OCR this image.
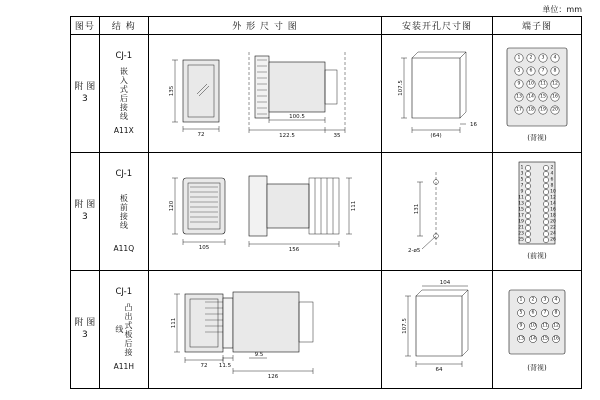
单位：mm
图号	结 构	外 形 尺 寸 图	安装开孔尺寸图	端子图

附 图 3

CJ-1
嵌入式后接线
A11X

135
72
100.5
122.5	35

107.5
16
(64)

1 2 3 4
5 6 7 8
9 10 11 12
13 14 15 16
17 18 19 20
(背视)

附 图 3

CJ-1
板前接线
A11Q

120
105	156
111	131
2-ø5

1
3
5
7
9
11
13
15
17
19
21
23
25
2
4
6
8
10
12
14
16
18
20
22
24
26
(前视)

附 图 3

CJ-1
凸出式板后接线
A11H

111
72 11.5
9.5
126

107.5
104
64

1 2 3 4
5 6 7 8
9 10 11 12
13 14 15 16
(背视)
